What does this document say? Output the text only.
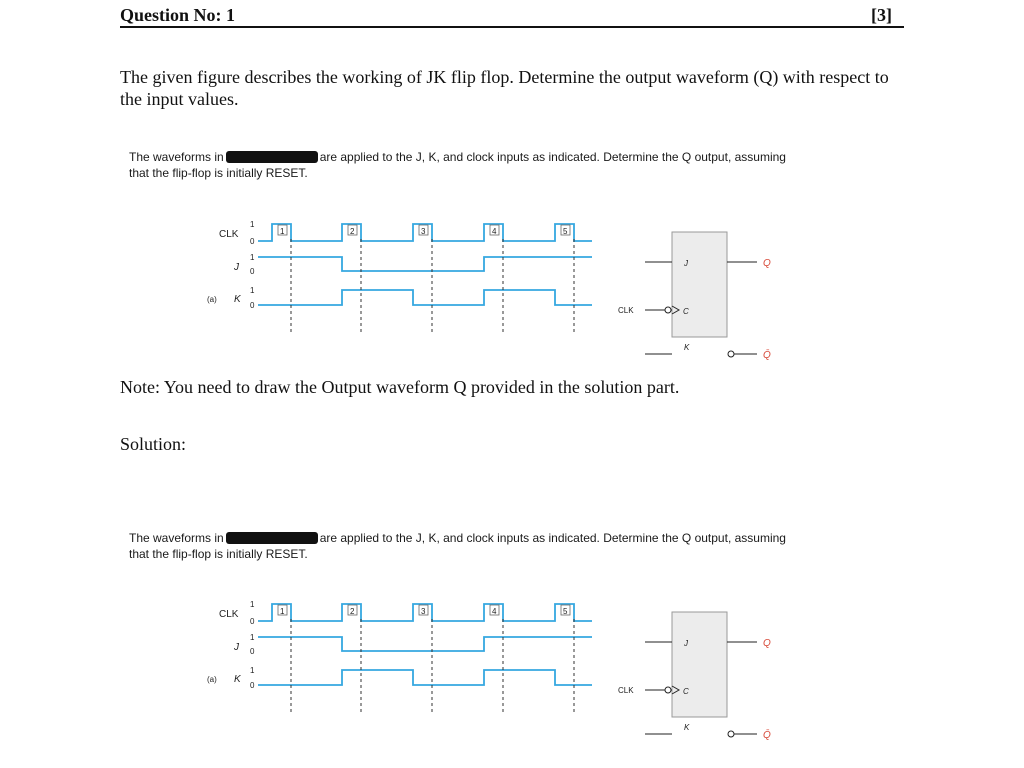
Question No: 1	[3]
The given figure describes the working of JK flip flop. Determine the output waveform (Q) with respect to the input values.
The waveforms in	are applied to the J, K, and clock inputs as indicated. Determine the Q output, assuming
that the flip-flop is initially RESET.
CLK
J
K
(a)
1
0
1
0
1
0
1	2	3	4	5
J
C
CLK
K
Q
Q̄
Note: You need to draw the Output waveform Q provided in the solution part.
Solution:
The waveforms in	are applied to the J, K, and clock inputs as indicated. Determine the Q output, assuming
that the flip-flop is initially RESET.
CLK
J
K
(a)
1
0
1
0
1
0
1	2	3	4	5
J
C
CLK
K
Q
Q̄
